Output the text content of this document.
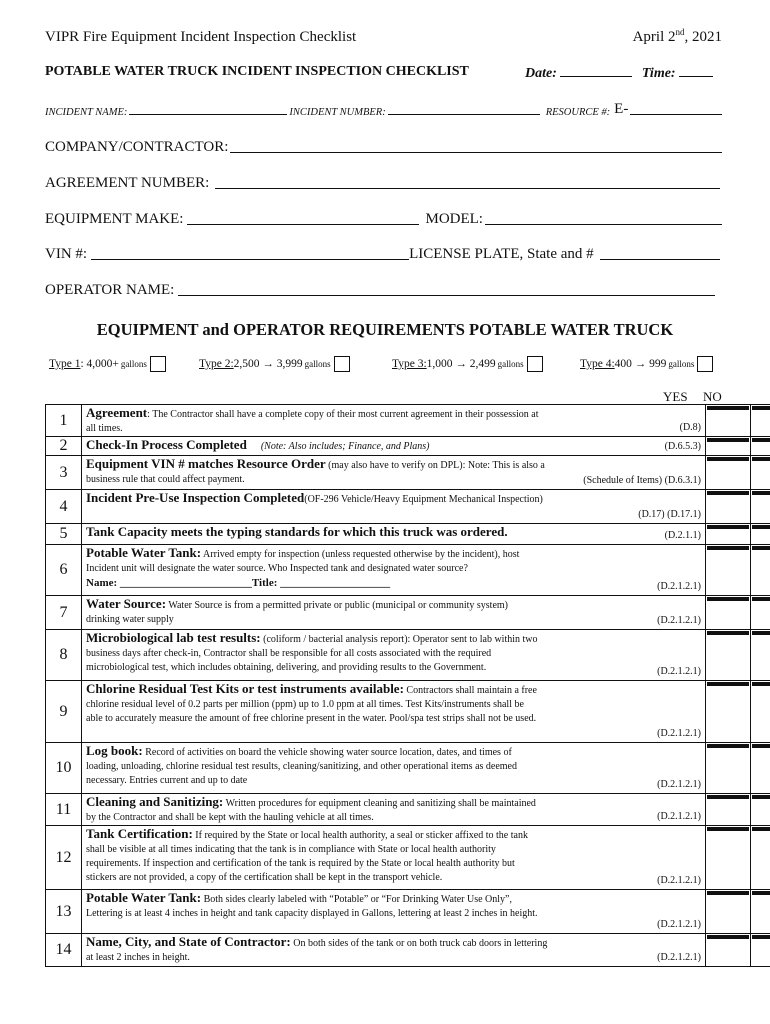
VIPR Fire Equipment Incident Inspection Checklist	April 2nd, 2021
POTABLE WATER TRUCK INCIDENT INSPECTION CHECKLIST	Date:	Time:
INCIDENT NAME:	INCIDENT NUMBER:	RESOURCE #: E-
COMPANY/CONTRACTOR:
AGREEMENT NUMBER:
EQUIPMENT MAKE:	MODEL:
VIN #:	LICENSE PLATE, State and #
OPERATOR NAME:
EQUIPMENT and OPERATOR REQUIREMENTS POTABLE WATER TRUCK
Type 1 : 4,000+ gallons	Type 2: 2,500 → 3,999 gallons	Type 3: 1,000 → 2,499 gallons	Type 4: 400 → 999 gallons
YES NO
1	Agreement: The Contractor shall have a complete copy of their most current agreement in their possession at
all times. (D.8)		

2	Check-In Process Completed (Note: Also includes; Finance, and Plans) (D.6.5.3)		

3	Equipment VIN # matches Resource Order (may also have to verify on DPL): Note: This is also a
business rule that could affect payment. (Schedule of Items) (D.6.3.1)		

4	Incident Pre-Use Inspection Completed(OF-296 Vehicle/Heavy Equipment Mechanical Inspection)
(D.17) (D.17.1)		

5	Tank Capacity meets the typing standards for which this truck was ordered. (D.2.1.1)		

6	Potable Water Tank: Arrived empty for inspection (unless requested otherwise by the incident), host
Incident unit will designate the water source. Who Inspected tank and designated water source?
Name: ________________________Title: ____________________ (D.2.1.2.1)		

7	Water Source: Water Source is from a permitted private or public (municipal or community system)
drinking water supply (D.2.1.2.1)		

8	Microbiological lab test results: (coliform / bacterial analysis report): Operator sent to lab within two
business days after check-in, Contractor shall be responsible for all costs associated with the required
microbiological test, which includes obtaining, delivering, and providing results to the Government. (D.2.1.2.1)		

9	Chlorine Residual Test Kits or test instruments available: Contractors shall maintain a free
chlorine residual level of 0.2 parts per million (ppm) up to 1.0 ppm at all times. Test Kits/instruments shall be
able to accurately measure the amount of free chlorine present in the water. Pool/spa test strips shall not be used.
(D.2.1.2.1)		

10	Log book: Record of activities on board the vehicle showing water source location, dates, and times of
loading, unloading, chlorine residual test results, cleaning/sanitizing, and other operational items as deemed
necessary. Entries current and up to date (D.2.1.2.1)		

11	Cleaning and Sanitizing: Written procedures for equipment cleaning and sanitizing shall be maintained
by the Contractor and shall be kept with the hauling vehicle at all times. (D.2.1.2.1)		

12	Tank Certification: If required by the State or local health authority, a seal or sticker affixed to the tank
shall be visible at all times indicating that the tank is in compliance with State or local health authority
requirements. If inspection and certification of the tank is required by the State or local health authority but
stickers are not provided, a copy of the certification shall be kept in the transport vehicle. (D.2.1.2.1)		

13	Potable Water Tank: Both sides clearly labeled with “Potable” or “For Drinking Water Use Only”,
Lettering is at least 4 inches in height and tank capacity displayed in Gallons, lettering at least 2 inches in height.
(D.2.1.2.1)		

14	Name, City, and State of Contractor: On both sides of the tank or on both truck cab doors in lettering
at least 2 inches in height. (D.2.1.2.1)		
